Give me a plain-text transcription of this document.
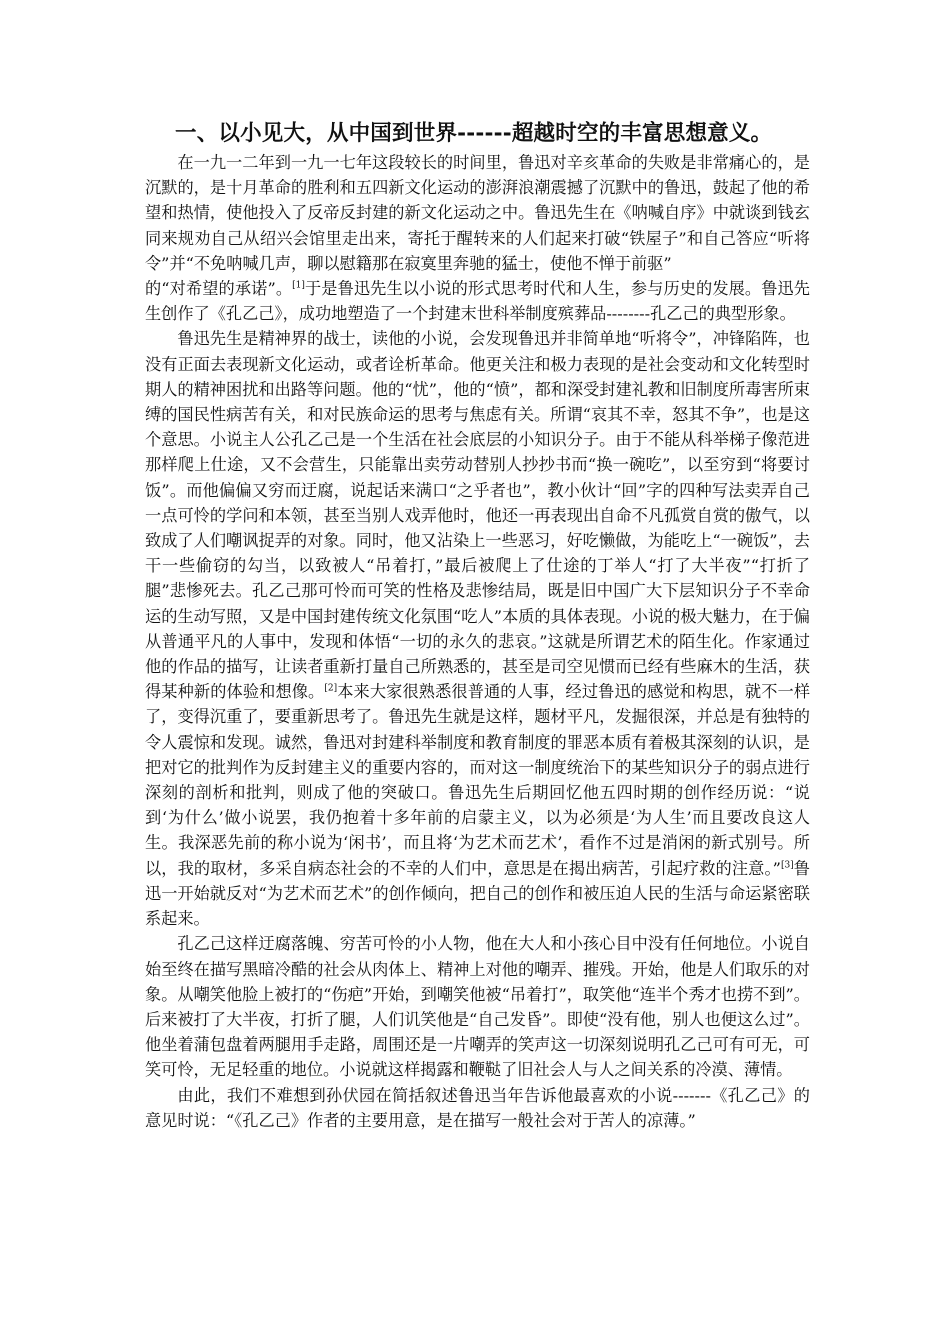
一、以小见大，从中国到世界------超越时空的丰富思想意义。

在一九一二年到一九一七年这段较长的时间里，鲁迅对辛亥革命的失败是非常痛心的，是沉默的，是十月革命的胜利和五四新文化运动的澎湃浪潮震撼了沉默中的鲁迅，鼓起了他的希望和热情，使他投入了反帝反封建的新文化运动之中。鲁迅先生在《呐喊自序》中就谈到钱玄同来规劝自己从绍兴会馆里走出来，寄托于醒转来的人们起来打破“铁屋子”和自己答应“听将令”并“不免呐喊几声，聊以慰籍那在寂寞里奔驰的猛士，使他不惮于前驱”

的“对希望的承诺”。[1]于是鲁迅先生以小说的形式思考时代和人生，参与历史的发展。鲁迅先生创作了《孔乙己》，成功地塑造了一个封建末世科举制度殡葬品--------孔乙己的典型形象。

鲁迅先生是精神界的战士，读他的小说，会发现鲁迅并非简单地“听将令”，冲锋陷阵，也没有正面去表现新文化运动，或者诠析革命。他更关注和极力表现的是社会变动和文化转型时期人的精神困扰和出路等问题。他的“忧”，他的“愤”，都和深受封建礼教和旧制度所毒害所束缚的国民性病苦有关，和对民族命运的思考与焦虑有关。所谓“哀其不幸，怒其不争”，也是这个意思。小说主人公孔乙己是一个生活在社会底层的小知识分子。由于不能从科举梯子像范进那样爬上仕途，又不会营生，只能靠出卖劳动替别人抄抄书而“换一碗吃”，以至穷到“将要讨饭”。而他偏偏又穷而迂腐，说起话来满口“之乎者也”，教小伙计“回”字的四种写法卖弄自己一点可怜的学问和本领，甚至当别人戏弄他时，他还一再表现出自命不凡孤赏自赏的傲气，以致成了人们嘲讽捉弄的对象。同时，他又沾染上一些恶习，好吃懒做，为能吃上“一碗饭”，去干一些偷窃的勾当，以致被人“吊着打，”最后被爬上了仕途的丁举人“打了大半夜”“打折了腿”悲惨死去。孔乙己那可怜而可笑的性格及悲惨结局，既是旧中国广大下层知识分子不幸命运的生动写照，又是中国封建传统文化氛围“吃人”本质的具体表现。小说的极大魅力，在于偏从普通平凡的人事中，发现和体悟“一切的永久的悲哀。”这就是所谓艺术的陌生化。作家通过他的作品的描写，让读者重新打量自己所熟悉的，甚至是司空见惯而已经有些麻木的生活，获得某种新的体验和想像。[2]本来大家很熟悉很普通的人事，经过鲁迅的感觉和构思，就不一样了，变得沉重了，要重新思考了。鲁迅先生就是这样，题材平凡，发掘很深，并总是有独特的令人震惊和发现。诚然，鲁迅对封建科举制度和教育制度的罪恶本质有着极其深刻的认识，是把对它的批判作为反封建主义的重要内容的，而对这一制度统治下的某些知识分子的弱点进行深刻的剖析和批判，则成了他的突破口。鲁迅先生后期回忆他五四时期的创作经历说：“说到‘为什么’做小说罢，我仍抱着十多年前的启蒙主义，以为必须是‘为人生’而且要改良这人生。我深恶先前的称小说为‘闲书’，而且将‘为艺术而艺术’，看作不过是消闲的新式别号。所以，我的取材，多采自病态社会的不幸的人们中，意思是在揭出病苦，引起疗救的注意。”[3]鲁迅一开始就反对“为艺术而艺术”的创作倾向，把自己的创作和被压迫人民的生活与命运紧密联系起来。

孔乙己这样迂腐落魄、穷苦可怜的小人物，他在大人和小孩心目中没有任何地位。小说自始至终在描写黑暗冷酷的社会从肉体上、精神上对他的嘲弄、摧残。开始，他是人们取乐的对象。从嘲笑他脸上被打的“伤疤”开始，到嘲笑他被“吊着打”，取笑他“连半个秀才也捞不到”。后来被打了大半夜，打折了腿，人们讥笑他是“自己发昏”。即使“没有他，别人也便这么过”。他坐着蒲包盘着两腿用手走路，周围还是一片嘲弄的笑声这一切深刻说明孔乙己可有可无，可笑可怜，无足轻重的地位。小说就这样揭露和鞭鞑了旧社会人与人之间关系的冷漠、薄情。

由此，我们不难想到孙伏园在简括叙述鲁迅当年告诉他最喜欢的小说-------《孔乙己》的意见时说：“《孔乙己》作者的主要用意，是在描写一般社会对于苦人的凉薄。”
